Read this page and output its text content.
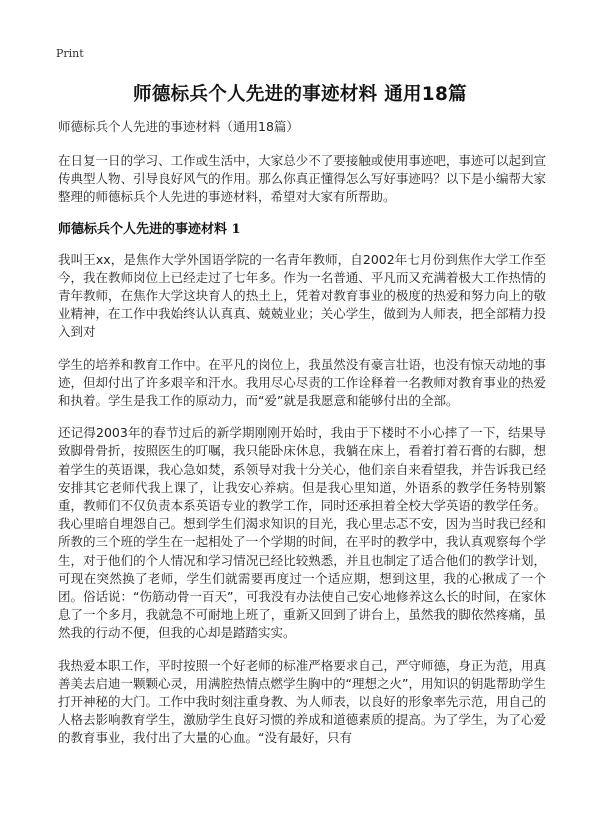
Print
师德标兵个人先进的事迹材料 通用18篇

师德标兵个人先进的事迹材料（通用18篇）

在日复一日的学习、工作或生活中，大家总少不了要接触或使用事迹吧，事迹可以起到宣传典型人物、引导良好风气的作用。那么你真正懂得怎么写好事迹吗？以下是小编帮大家整理的师德标兵个人先进的事迹材料，希望对大家有所帮助。

师德标兵个人先进的事迹材料 1

我叫王xx，是焦作大学外国语学院的一名青年教师，自2002年七月份到焦作大学工作至今，我在教师岗位上已经走过了七年多。作为一名普通、平凡而又充满着极大工作热情的青年教师，在焦作大学这块育人的热土上，凭着对教育事业的极度的热爱和努力向上的敬业精神，在工作中我始终认认真真、兢兢业业；关心学生，做到为人师表，把全部精力投入到对

学生的培养和教育工作中。在平凡的岗位上，我虽然没有豪言壮语，也没有惊天动地的事迹，但却付出了许多艰辛和汗水。我用尽心尽责的工作诠释着一名教师对教育事业的热爱和执着。学生是我工作的原动力，而“爱”就是我愿意和能够付出的全部。

还记得2003年的春节过后的新学期刚刚开始时，我由于下楼时不小心摔了一下，结果导致脚骨骨折，按照医生的叮嘱，我只能卧床休息，我躺在床上，看着打着石膏的右脚，想着学生的英语课，我心急如焚，系领导对我十分关心，他们亲自来看望我，并告诉我已经安排其它老师代我上课了，让我安心养病。但是我心里知道，外语系的教学任务特别繁重，教师们不仅负责本系英语专业的教学工作，同时还承担着全校大学英语的教学任务。我心里暗自埋怨自己。想到学生们渴求知识的目光，我心里忐忑不安，因为当时我已经和所教的三个班的学生在一起相处了一个学期的时间，在平时的教学中，我认真观察每个学生，对于他们的个人情况和学习情况已经比较熟悉，并且也制定了适合他们的教学计划，可现在突然换了老师，学生们就需要再度过一个适应期，想到这里，我的心揪成了一个团。俗话说：“伤筋动骨一百天”，可我没有办法使自己安心地修养这么长的时间，在家休息了一个多月，我就急不可耐地上班了，重新又回到了讲台上，虽然我的脚依然疼痛，虽然我的行动不便，但我的心却是踏踏实实。

我热爱本职工作，平时按照一个好老师的标准严格要求自己，严守师德，身正为范，用真善美去启迪一颗颗心灵，用满腔热情点燃学生胸中的“理想之火”，用知识的钥匙帮助学生打开神秘的大门。工作中我时刻注重身教、为人师表，以良好的形象率先示范，用自己的人格去影响教育学生，激励学生良好习惯的养成和道德素质的提高。为了学生，为了心爱的教育事业，我付出了大量的心血。“没有最好，只有
